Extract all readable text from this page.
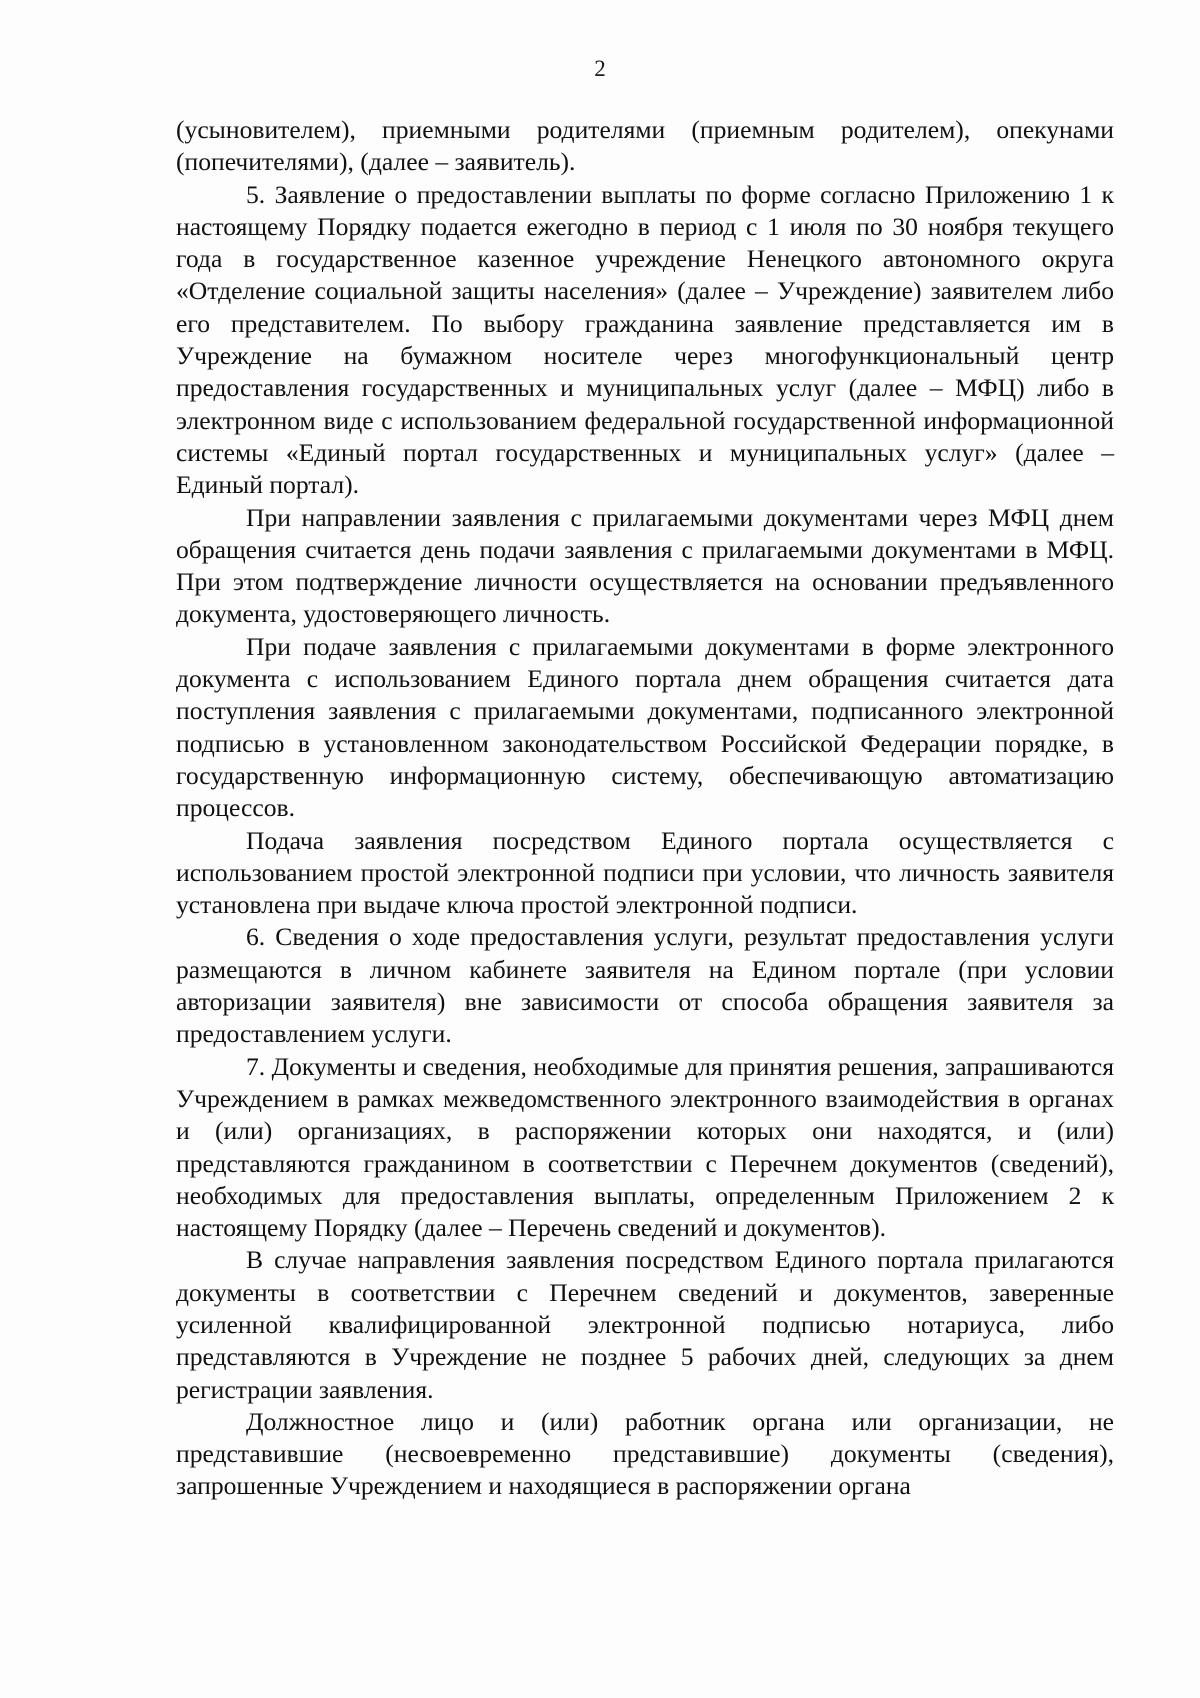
2

(усыновителем), приемными родителями (приемным родителем), опекунами (попечителями), (далее – заявитель).

5. Заявление о предоставлении выплаты по форме согласно Приложению 1 к настоящему Порядку подается ежегодно в период с 1 июля по 30 ноября текущего года в государственное казенное учреждение Ненецкого автономного округа «Отделение социальной защиты населения» (далее – Учреждение) заявителем либо его представителем. По выбору гражданина заявление представляется им в Учреждение на бумажном носителе через многофункциональный центр предоставления государственных и муниципальных услуг (далее – МФЦ) либо в электронном виде с использованием федеральной государственной информационной системы «Единый портал государственных и муниципальных услуг» (далее – Единый портал).

При направлении заявления с прилагаемыми документами через МФЦ днем обращения считается день подачи заявления с прилагаемыми документами в МФЦ. При этом подтверждение личности осуществляется на основании предъявленного документа, удостоверяющего личность.

При подаче заявления с прилагаемыми документами в форме электронного документа с использованием Единого портала днем обращения считается дата поступления заявления с прилагаемыми документами, подписанного электронной подписью в установленном законодательством Российской Федерации порядке, в государственную информационную систему, обеспечивающую автоматизацию процессов.

Подача заявления посредством Единого портала осуществляется с использованием простой электронной подписи при условии, что личность заявителя установлена при выдаче ключа простой электронной подписи.

6. Сведения о ходе предоставления услуги, результат предоставления услуги размещаются в личном кабинете заявителя на Едином портале (при условии авторизации заявителя) вне зависимости от способа обращения заявителя за предоставлением услуги.

7. Документы и сведения, необходимые для принятия решения, запрашиваются Учреждением в рамках межведомственного электронного взаимодействия в органах и (или) организациях, в распоряжении которых они находятся, и (или) представляются гражданином в соответствии с Перечнем документов (сведений), необходимых для предоставления выплаты, определенным Приложением 2 к настоящему Порядку (далее – Перечень сведений и документов).

В случае направления заявления посредством Единого портала прилагаются документы в соответствии с Перечнем сведений и документов, заверенные усиленной квалифицированной электронной подписью нотариуса, либо представляются в Учреждение не позднее 5 рабочих дней, следующих за днем регистрации заявления.

Должностное лицо и (или) работник органа или организации, не представившие (несвоевременно представившие) документы (сведения), запрошенные Учреждением и находящиеся в распоряжении органа
